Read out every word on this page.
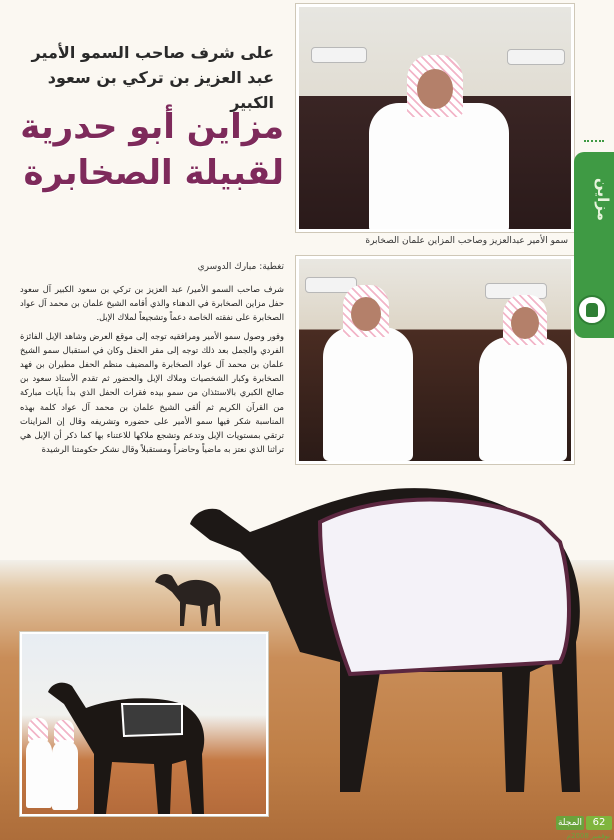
على شرف صاحب السمو الأمير
عبد العزيز بن تركي بن سعود الكبير
مزاين أبو حدرية
لقبيلة الصخابرة
سمو الأمير عبدالعزيز وصاحب المزاين علمان الصخابرة
تغطية: مبارك الدوسري

شرف صاحب السمو الأمير/ عبد العزيز بن تركي بن سعود الكبير آل سعود حفل مزاين الصخابرة في الدهناء والذي أقامه الشيخ علمان بن محمد آل عواد الصخابرة على نفقته الخاصة دعماً وتشجيعاً لملاك الإبل.

وفور وصول سمو الأمير ومرافقيه توجه إلى موقع العرض وشاهد الإبل الفائزة الفردي والجمل بعد ذلك توجه إلى مقر الحفل وكان في استقبال سمو الشيخ علمان بن محمد آل عواد الصخابرة والمضيف منظم الحفل مطيران بن فهد الصخابرة وكبار الشخصيات وملاك الإبل والحضور ثم تقدم الأستاذ سعود بن صالح الكبري بالاستئذان من سمو بيده فقرات الحفل الذي بدأ بآيات مباركة من القرآن الكريم ثم ألقى الشيخ علمان بن محمد آل عواد كلمة بهذه المناسبة شكر فيها سمو الأمير على حضوره وتشريفه وقال إن المزاينات ترتقي بمستويات الإبل وتدعم وتشجع ملاكها للاعتناء بها كما ذكر أن الإبل هي تراثنا الذي نعتز به ماضياً وحاضراً ومستقبلاً وقال نشكر حكومتنا الرشيدة

مزاين
المجلة	62
نوفمبر 2008م
